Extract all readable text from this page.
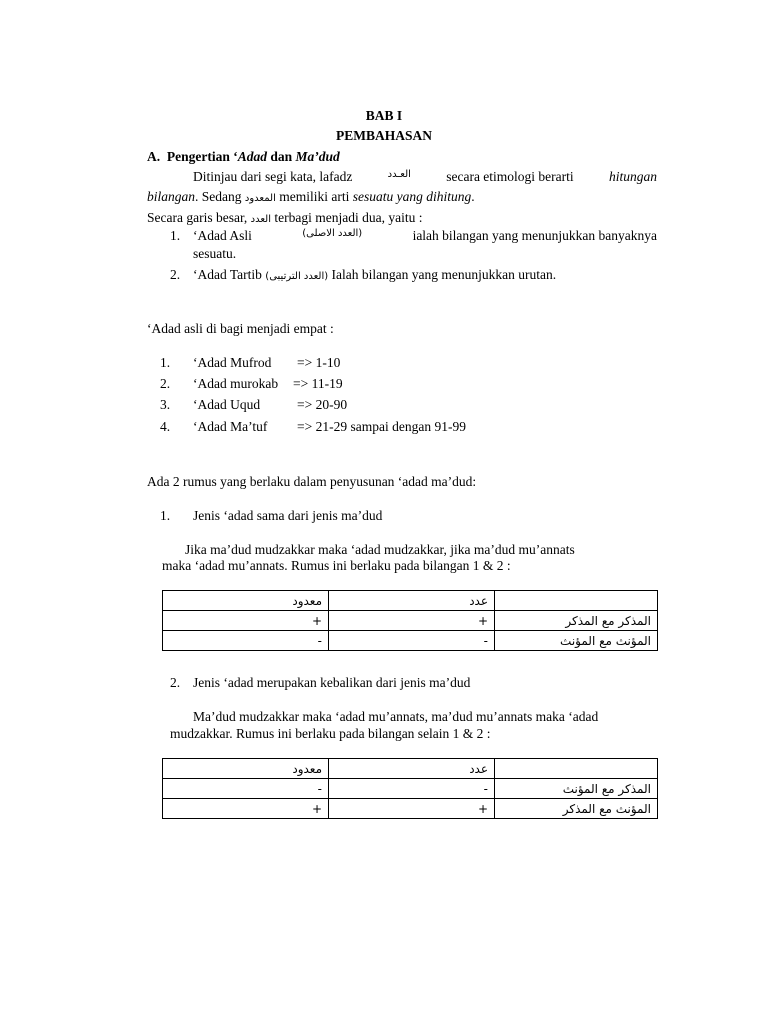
BAB I
PEMBAHASAN
A. Pengertian ‘Adad dan Ma’dud
Ditinjau dari segi kata, lafadz	العـدد	secara etimologi berarti	hitungan
bilangan. Sedang المعدود memiliki arti sesuatu yang dihitung.
Secara garis besar, العدد terbagi menjadi dua, yaitu :
1. ‘Adad Asli	(العدد الاصلى)	ialah bilangan yang menunjukkan banyaknya
sesuatu.
2. ‘Adad Tartib (العدد الترتيبى) Ialah bilangan yang menunjukkan urutan.
‘Adad asli di bagi menjadi empat :
1. ‘Adad Mufrod => 1-10
2. ‘Adad murokab => 11-19
3. ‘Adad Uqud	=> 20-90
4. ‘Adad Ma’tuf => 21-29 sampai dengan 91-99
Ada 2 rumus yang berlaku dalam penyusunan ‘adad ma’dud:
1. Jenis ‘adad sama dari jenis ma’dud
Jika ma’dud mudzakkar maka ‘adad mudzakkar, jika ma’dud mu’annats
maka ‘adad mu’annats. Rumus ini berlaku pada bilangan 1 & 2 :
معدود	عدد	
+	+	المذكر مع المذكر
-	-	المؤنث مع المؤنث
2. Jenis ‘adad merupakan kebalikan dari jenis ma’dud
Ma’dud mudzakkar maka ‘adad mu’annats, ma’dud mu’annats maka ‘adad
mudzakkar. Rumus ini berlaku pada bilangan selain 1 & 2 :
معدود	عدد	
-	-	المذكر مع المؤنث
+	+	المؤنث مع المذكر
